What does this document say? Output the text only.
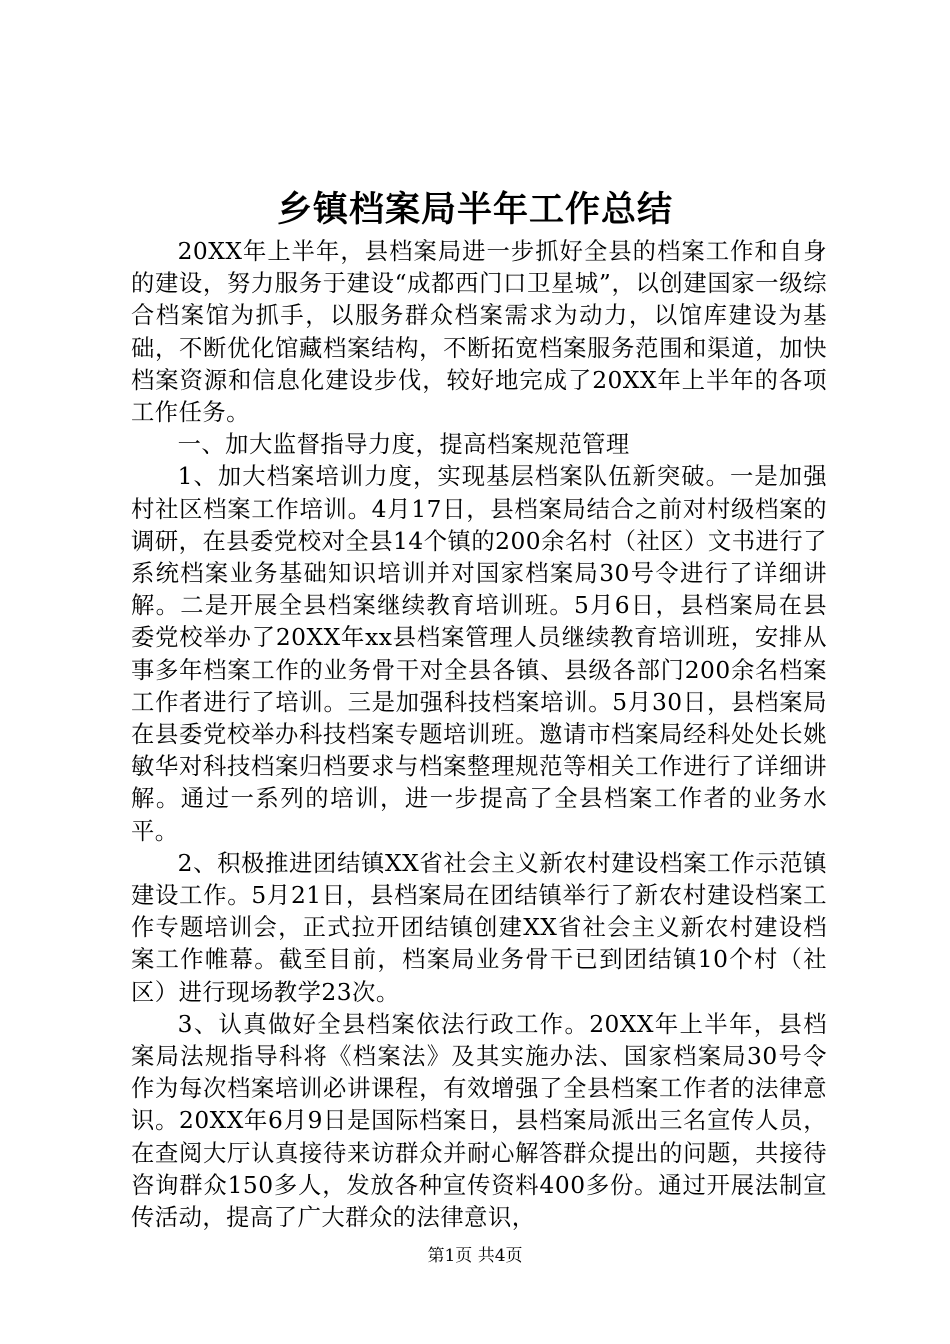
乡镇档案局半年工作总结

20XX年上半年，县档案局进一步抓好全县的档案工作和自身的建设，努力服务于建设“成都西门口卫星城”，以创建国家一级综合档案馆为抓手，以服务群众档案需求为动力，以馆库建设为基础，不断优化馆藏档案结构，不断拓宽档案服务范围和渠道，加快档案资源和信息化建设步伐，较好地完成了20XX年上半年的各项工作任务。

一、加大监督指导力度，提高档案规范管理

1、加大档案培训力度，实现基层档案队伍新突破。一是加强村社区档案工作培训。4月17日，县档案局结合之前对村级档案的调研，在县委党校对全县14个镇的200余名村（社区）文书进行了系统档案业务基础知识培训并对国家档案局30号令进行了详细讲解。二是开展全县档案继续教育培训班。5月6日，县档案局在县委党校举办了20XX年xx县档案管理人员继续教育培训班，安排从事多年档案工作的业务骨干对全县各镇、县级各部门200余名档案工作者进行了培训。三是加强科技档案培训。5月30日，县档案局在县委党校举办科技档案专题培训班。邀请市档案局经科处处长姚敏华对科技档案归档要求与档案整理规范等相关工作进行了详细讲解。通过一系列的培训，进一步提高了全县档案工作者的业务水平。

2、积极推进团结镇XX省社会主义新农村建设档案工作示范镇建设工作。5月21日，县档案局在团结镇举行了新农村建设档案工作专题培训会，正式拉开团结镇创建XX省社会主义新农村建设档案工作帷幕。截至目前，档案局业务骨干已到团结镇10个村（社区）进行现场教学23次。

3、认真做好全县档案依法行政工作。20XX年上半年，县档案局法规指导科将《档案法》及其实施办法、国家档案局30号令作为每次档案培训必讲课程，有效增强了全县档案工作者的法律意识。20XX年6月9日是国际档案日，县档案局派出三名宣传人员，在查阅大厅认真接待来访群众并耐心解答群众提出的问题，共接待咨询群众150多人，发放各种宣传资料400多份。通过开展法制宣传活动，提高了广大群众的法律意识，

第1页 共4页
